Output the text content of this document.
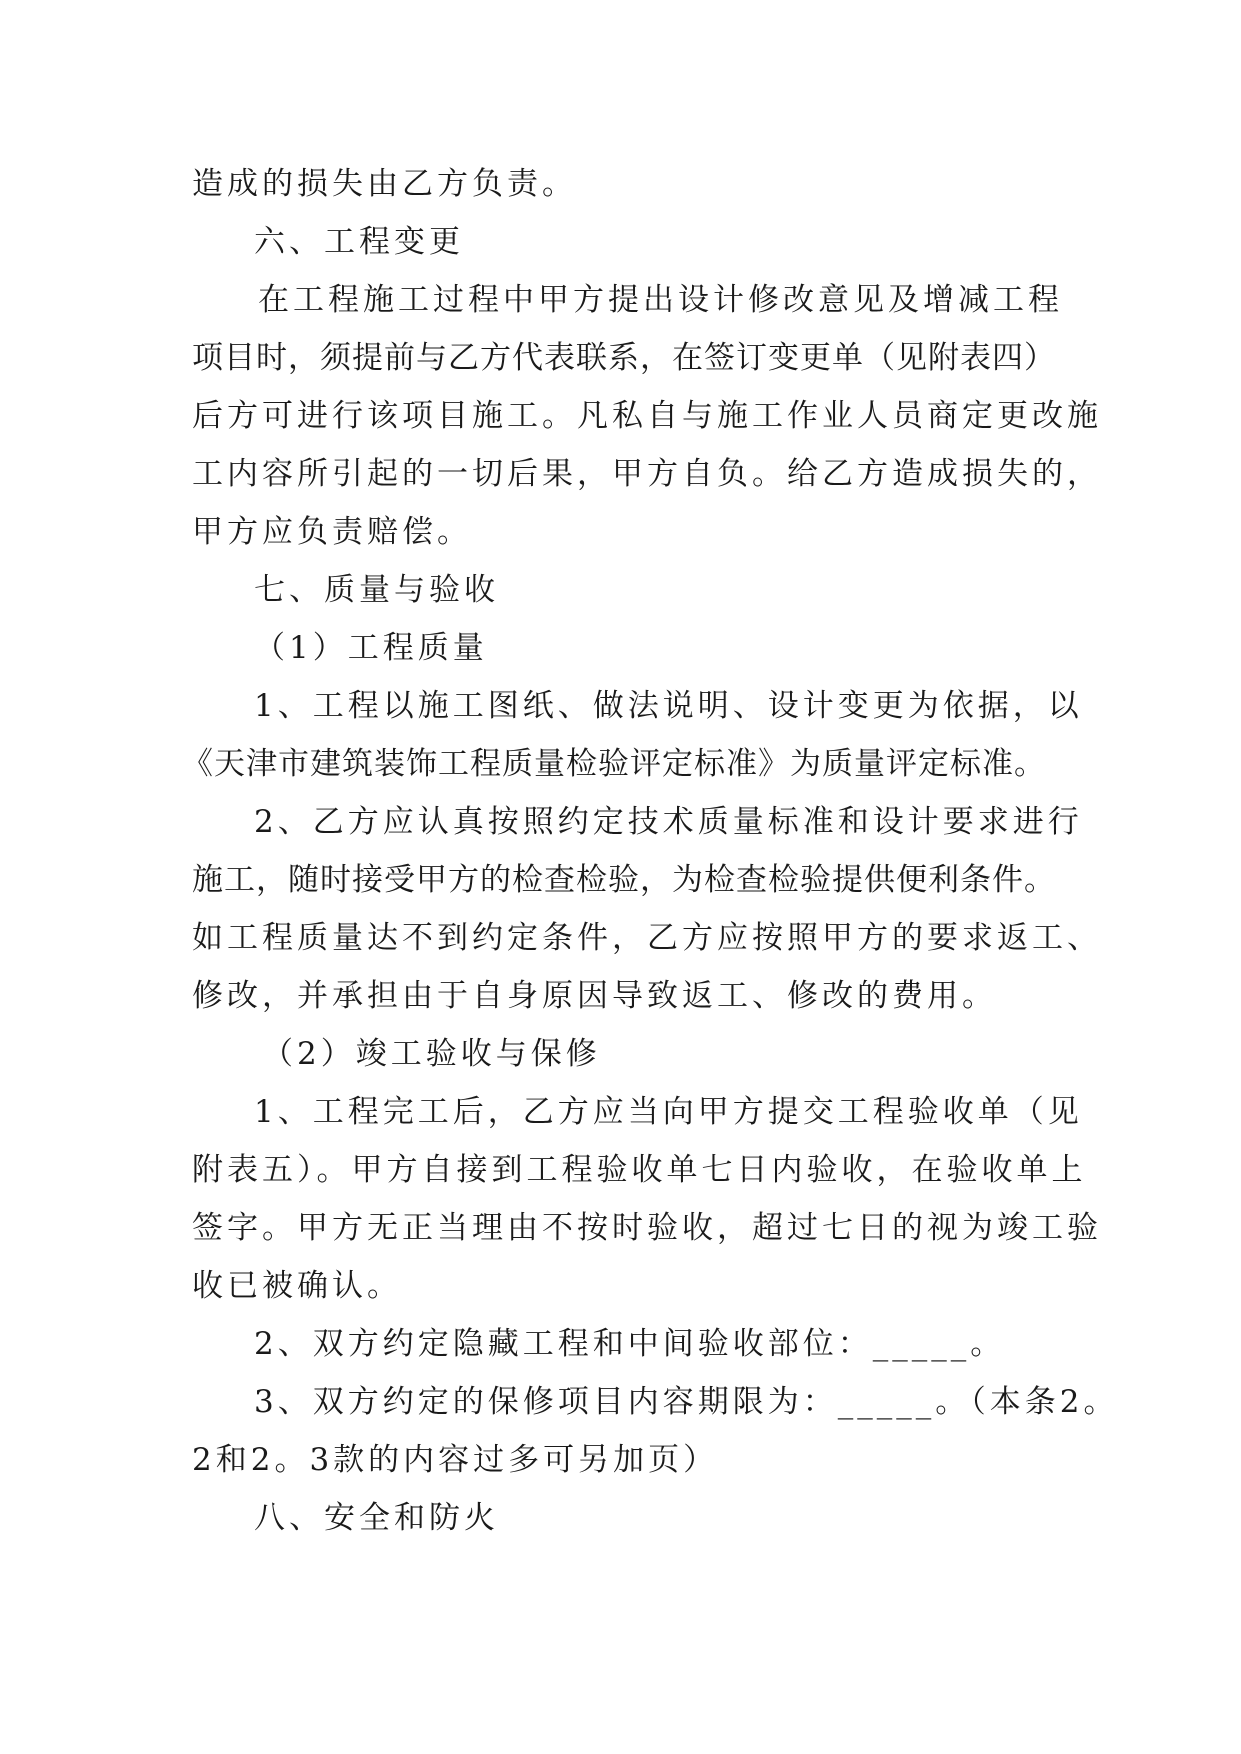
造成的损失由乙方负责。
六、工程变更
在工程施工过程中甲方提出设计修改意见及增减工程
项目时，须提前与乙方代表联系，在签订变更单（见附表四）
后方可进行该项目施工。凡私自与施工作业人员商定更改施
工内容所引起的一切后果，甲方自负。给乙方造成损失的，
甲方应负责赔偿。
七、质量与验收
（1）工程质量
1、工程以施工图纸、做法说明、设计变更为依据，以
《天津市建筑装饰工程质量检验评定标准》为质量评定标准。
2、乙方应认真按照约定技术质量标准和设计要求进行
施工，随时接受甲方的检查检验，为检查检验提供便利条件。
如工程质量达不到约定条件，乙方应按照甲方的要求返工、
修改，并承担由于自身原因导致返工、修改的费用。
（2）竣工验收与保修
1、工程完工后，乙方应当向甲方提交工程验收单（见
附表五）。甲方自接到工程验收单七日内验收，在验收单上
签字。甲方无正当理由不按时验收，超过七日的视为竣工验
收已被确认。
2、双方约定隐藏工程和中间验收部位：_____。
3、双方约定的保修项目内容期限为：_____。（本条2。
2和2。3款的内容过多可另加页）
八、安全和防火
